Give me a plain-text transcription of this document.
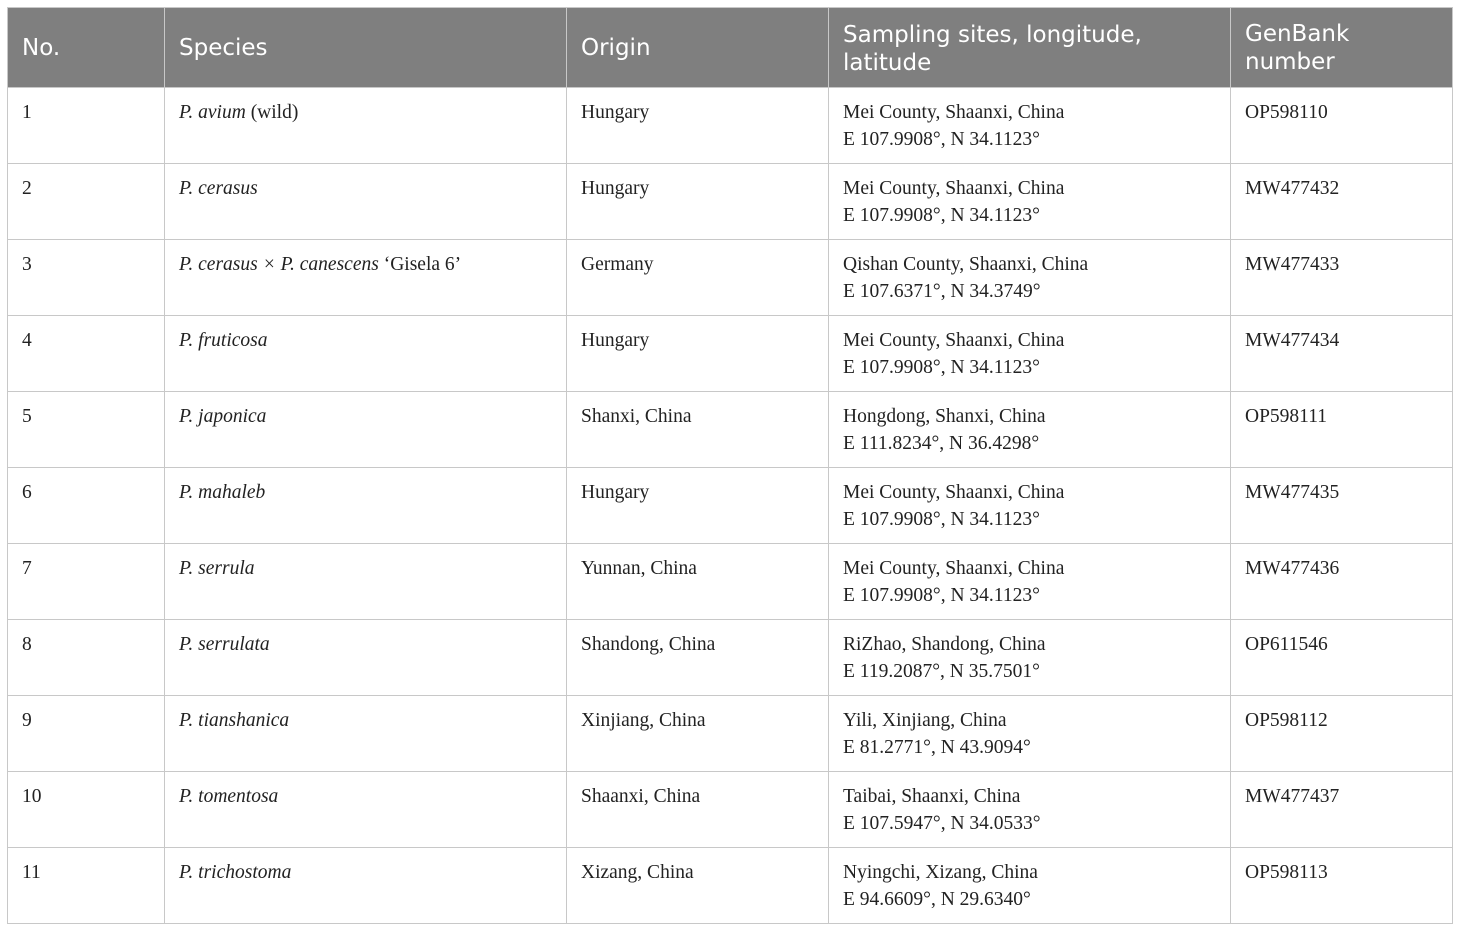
No.	Species	Origin	Sampling sites, longitude, latitude	GenBank number
1	P. avium (wild)	Hungary	Mei County, Shaanxi, China
E 107.9908°, N 34.1123°	OP598110
2	P. cerasus	Hungary	Mei County, Shaanxi, China
E 107.9908°, N 34.1123°	MW477432
3	P. cerasus × P. canescens ‘Gisela 6’	Germany	Qishan County, Shaanxi, China
E 107.6371°, N 34.3749°	MW477433
4	P. fruticosa	Hungary	Mei County, Shaanxi, China
E 107.9908°, N 34.1123°	MW477434
5	P. japonica	Shanxi, China	Hongdong, Shanxi, China
E 111.8234°, N 36.4298°	OP598111
6	P. mahaleb	Hungary	Mei County, Shaanxi, China
E 107.9908°, N 34.1123°	MW477435
7	P. serrula	Yunnan, China	Mei County, Shaanxi, China
E 107.9908°, N 34.1123°	MW477436
8	P. serrulata	Shandong, China	RiZhao, Shandong, China
E 119.2087°, N 35.7501°	OP611546
9	P. tianshanica	Xinjiang, China	Yili, Xinjiang, China
E 81.2771°, N 43.9094°	OP598112
10	P. tomentosa	Shaanxi, China	Taibai, Shaanxi, China
E 107.5947°, N 34.0533°	MW477437
11	P. trichostoma	Xizang, China	Nyingchi, Xizang, China
E 94.6609°, N 29.6340°	OP598113
